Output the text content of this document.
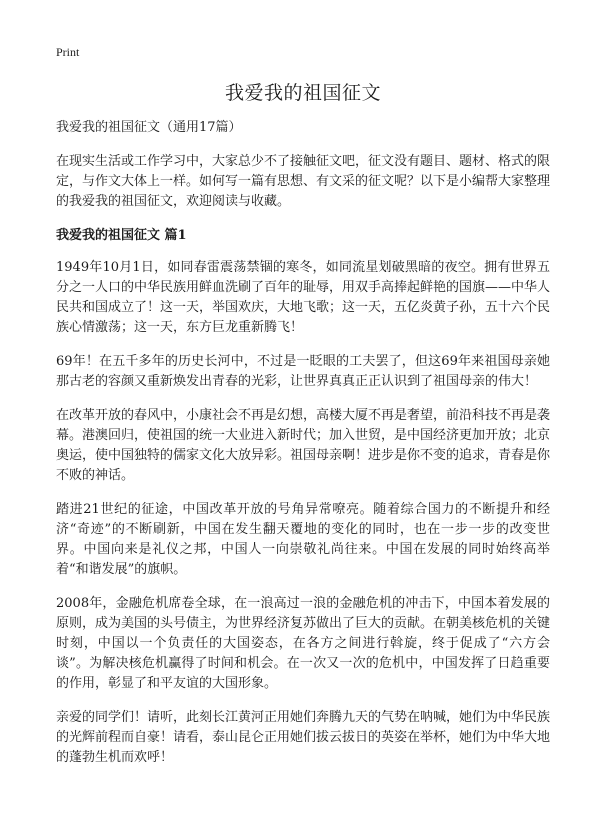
Print
我爱我的祖国征文
我爱我的祖国征文（通用17篇）

在现实生活或工作学习中，大家总少不了接触征文吧，征文没有题目、题材、格式的限定，与作文大体上一样。如何写一篇有思想、有文采的征文呢？以下是小编帮大家整理的我爱我的祖国征文，欢迎阅读与收藏。

我爱我的祖国征文 篇1

1949年10月1日，如同春雷震荡禁锢的寒冬，如同流星划破黑暗的夜空。拥有世界五分之一人口的中华民族用鲜血洗刷了百年的耻辱，用双手高捧起鲜艳的国旗——中华人民共和国成立了！这一天，举国欢庆，大地飞歌；这一天，五亿炎黄子孙，五十六个民族心情激荡；这一天，东方巨龙重新腾飞！

69年！在五千多年的历史长河中，不过是一眨眼的工夫罢了，但这69年来祖国母亲她那古老的容颜又重新焕发出青春的光彩，让世界真真正正认识到了祖国母亲的伟大！

在改革开放的春风中，小康社会不再是幻想，高楼大厦不再是奢望，前沿科技不再是袭幕。港澳回归，使祖国的统一大业进入新时代；加入世贸，是中国经济更加开放；北京奥运，使中国独特的儒家文化大放异彩。祖国母亲啊！进步是你不变的追求，青春是你不败的神话。

踏进21世纪的征途，中国改革开放的号角异常嘹亮。随着综合国力的不断提升和经济“奇迹”的不断刷新，中国在发生翻天覆地的变化的同时，也在一步一步的改变世界。中国向来是礼仪之邦，中国人一向崇敬礼尚往来。中国在发展的同时始终高举着“和谐发展”的旗帜。

2008年，金融危机席卷全球，在一浪高过一浪的金融危机的冲击下，中国本着发展的原则，成为美国的头号债主，为世界经济复苏做出了巨大的贡献。在朝美核危机的关键时刻，中国以一个负责任的大国姿态，在各方之间进行斡旋，终于促成了“六方会谈”。为解决核危机赢得了时间和机会。在一次又一次的危机中，中国发挥了日趋重要的作用，彰显了和平友谊的大国形象。

亲爱的同学们！请听，此刻长江黄河正用她们奔腾九天的气势在呐喊，她们为中华民族的光辉前程而自豪！请看，泰山昆仑正用她们拔云拔日的英姿在举杯，她们为中华大地的蓬勃生机而欢呼！
